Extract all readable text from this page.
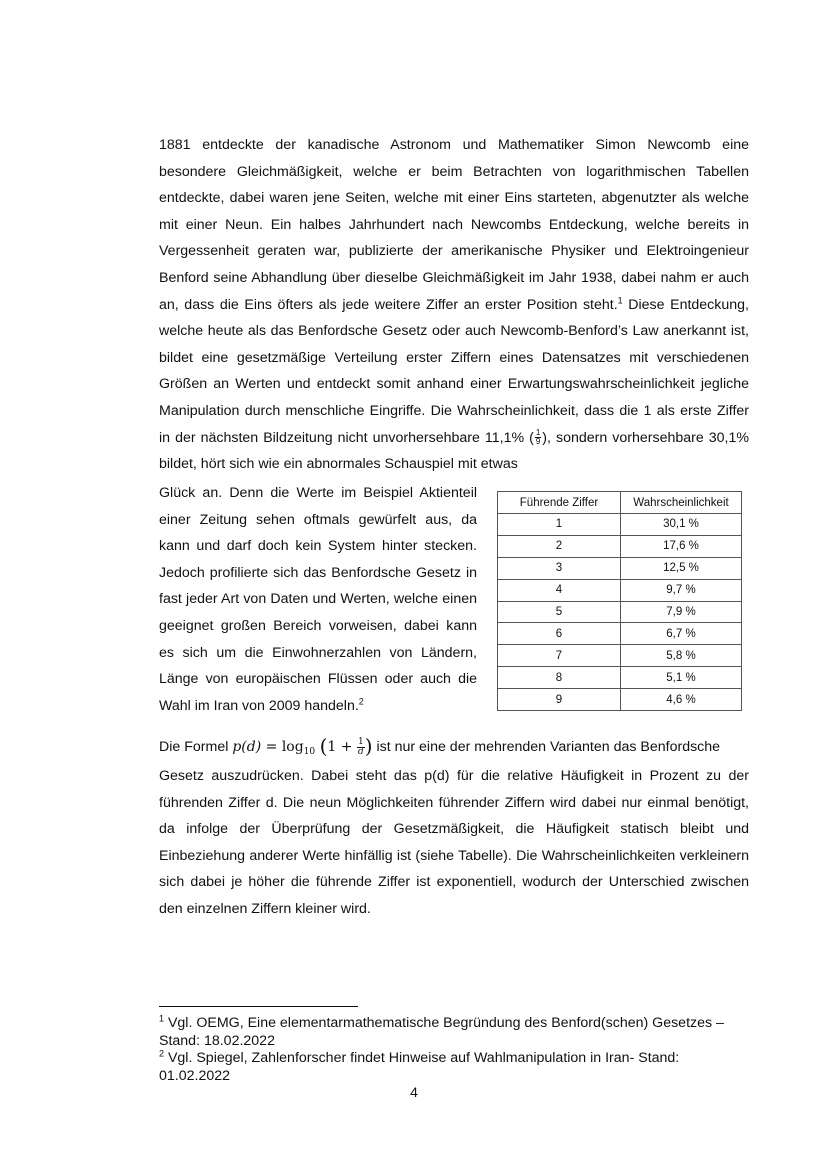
1881 entdeckte der kanadische Astronom und Mathematiker Simon Newcomb eine besondere Gleichmäßigkeit, welche er beim Betrachten von logarithmischen Tabellen entdeckte, dabei waren jene Seiten, welche mit einer Eins starteten, abgenutzter als welche mit einer Neun. Ein halbes Jahrhundert nach Newcombs Entdeckung, welche bereits in Vergessenheit geraten war, publizierte der amerikanische Physiker und Elektroingenieur Benford seine Abhandlung über dieselbe Gleichmäßigkeit im Jahr 1938, dabei nahm er auch an, dass die Eins öfters als jede weitere Ziffer an erster Position steht.$^1$ Diese Entdeckung, welche heute als das Benfordsche Gesetz oder auch Newcomb-Benford’s Law anerkannt ist, bildet eine gesetzmäßige Verteilung erster Ziffern eines Datensatzes mit verschiedenen Größen an Werten und entdeckt somit anhand einer Erwartungswahrscheinlichkeit jegliche Manipulation durch menschliche Eingriffe. Die Wahrscheinlichkeit, dass die 1 als erste Ziffer in der nächsten Bildzeitung nicht unvorhersehbare 11,1% ( $\frac{1}{9}$ ), sondern vorhersehbare 30,1% bildet, hört sich wie ein abnormales Schauspiel mit etwas

Glück an. Denn die Werte im Beispiel Aktienteil einer Zeitung sehen oftmals gewürfelt aus, da kann und darf doch kein System hinter stecken. Jedoch profilierte sich das Benfordsche Gesetz in fast jeder Art von Daten und Werten, welche einen geeignet großen Bereich vorweisen, dabei kann es sich um die Einwohnerzahlen von Ländern, Länge von europäischen Flüssen oder auch die Wahl im Iran von 2009 handeln.$^2$

Führende Ziffer	Wahrscheinlichkeit
1	30,1 %
2	17,6 %
3	12,5 %
4	9,7 %
5	7,9 %
6	6,7 %
7	5,8 %
8	5,1 %
9	4,6 %

Die Formel $p(d) = \log_{10} (1 + \frac{1}{d}$ ) ist nur eine der mehrenden Varianten das Benfordsche

Gesetz auszudrücken. Dabei steht das p(d) für die relative Häufigkeit in Prozent zu der führenden Ziffer d. Die neun Möglichkeiten führender Ziffern wird dabei nur einmal benötigt, da infolge der Überprüfung der Gesetzmäßigkeit, die Häufigkeit statisch bleibt und Einbeziehung anderer Werte hinfällig ist (siehe Tabelle). Die Wahrscheinlichkeiten verkleinern sich dabei je höher die führende Ziffer ist exponentiell, wodurch der Unterschied zwischen den einzelnen Ziffern kleiner wird.

$^1$ Vgl. OEMG, Eine elementarmathematische Begründung des Benford(schen) Gesetzes – Stand: 18.02.2022

$^2$ Vgl. Spiegel, Zahlenforscher findet Hinweise auf Wahlmanipulation in Iran- Stand: 01.02.2022

4
